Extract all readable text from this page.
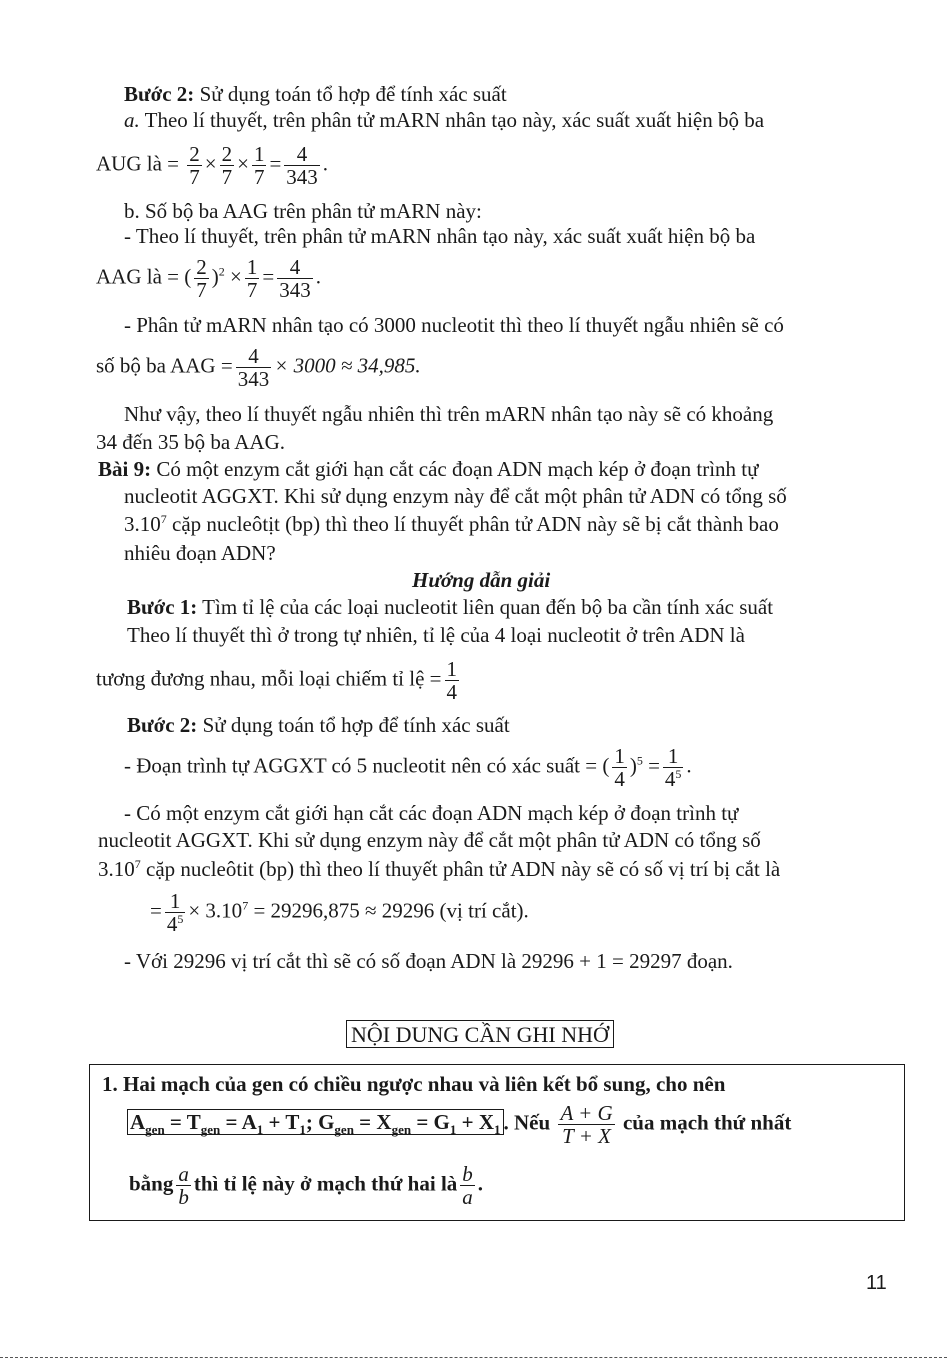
Bước 2: Sử dụng toán tổ hợp để tính xác suất
a. Theo lí thuyết, trên phân tử mARN nhân tạo này, xác suất xuất hiện bộ ba
AUG là = $\frac{2}{7} \times \frac{2}{7} \times \frac{1}{7} = \frac{4}{343}$ .
b. Số bộ ba AAG trên phân tử mARN này:
- Theo lí thuyết, trên phân tử mARN nhân tạo này, xác suất xuất hiện bộ ba
AAG là = ( $\frac{2}{7} )^2 \times \frac{1}{7} = \frac{4}{343}$ .
- Phân tử mARN nhân tạo có 3000 nucleotit thì theo lí thuyết ngẫu nhiên sẽ có
số bộ ba AAG = $\frac{4}{343} \times 3000 \approx 34,985$.
Như vậy, theo lí thuyết ngẫu nhiên thì trên mARN nhân tạo này sẽ có khoảng
34 đến 35 bộ ba AAG.
Bài 9: Có một enzym cắt giới hạn cắt các đoạn ADN mạch kép ở đoạn trình tự
nucleotit AGGXT. Khi sử dụng enzym này để cắt một phân tử ADN có tổng số
3.10$^7$ cặp nucleôtịt (bp) thì theo lí thuyết phân tử ADN này sẽ bị cắt thành bao
nhiêu đoạn ADN?
Hướng dẫn giải
Bước 1: Tìm tỉ lệ của các loại nucleotit liên quan đến bộ ba cần tính xác suất
Theo lí thuyết thì ở trong tự nhiên, tỉ lệ của 4 loại nucleotit ở trên ADN là
tương đương nhau, mỗi loại chiếm tỉ lệ = $\frac{1}{4}$
Bước 2: Sử dụng toán tổ hợp để tính xác suất
- Đoạn trình tự AGGXT có 5 nucleotit nên có xác suất = ( $\frac{1}{4} )^5 = \frac{1}{4^5}$ .
- Có một enzym cắt giới hạn cắt các đoạn ADN mạch kép ở đoạn trình tự
nucleotit AGGXT. Khi sử dụng enzym này để cắt một phân tử ADN có tổng số
3.10$^7$ cặp nucleôtit (bp) thì theo lí thuyết phân tử ADN này sẽ có số vị trí bị cắt là
= $\frac{1}{4^5} \times 3.10^7 = 29296,875 \approx 29296$ (vị trí cắt).
- Với 29296 vị trí cắt thì sẽ có số đoạn ADN là 29296 + 1 = 29297 đoạn.
NỘI DUNG CẦN GHI NHỚ
1. Hai mạch của gen có chiều ngược nhau và liên kết bổ sung, cho nên
$A_{gen} = T_{gen} = A_1 + T_1$; $G_{gen} = X_{gen} = G_1 + X_1$ . Nếu $\frac{A + G}{T + X}$ của mạch thứ nhất
bằng $\frac{a}{b}$ thì tỉ lệ này ở mạch thứ hai là $\frac{b}{a}$ .
11
